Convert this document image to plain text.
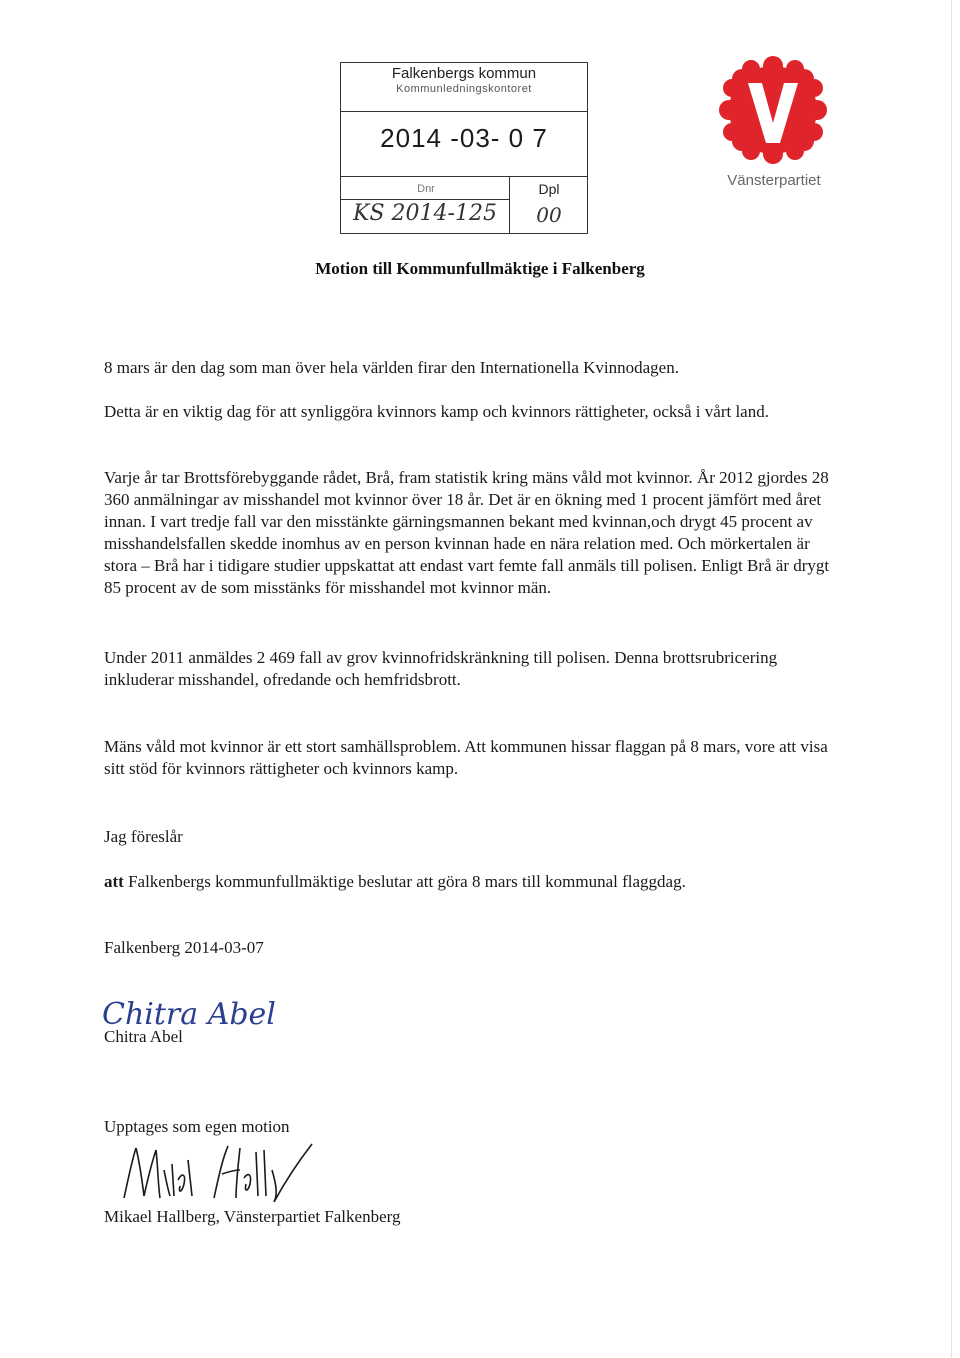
Falkenbergs kommun
Kommunledningskontoret
2014 -03- 0 7
Dnr	Dpl
KS 2014-125	00
Vänsterpartiet
Motion till Kommunfullmäktige i Falkenberg

8 mars är den dag som man över hela världen firar den Internationella Kvinnodagen.

Detta är en viktig dag för att synliggöra kvinnors kamp och kvinnors rättigheter, också i vårt land.

Varje år tar Brottsförebyggande rådet, Brå, fram statistik kring mäns våld mot kvinnor. År 2012 gjordes 28 360 anmälningar av misshandel mot kvinnor över 18 år. Det är en ökning med 1 procent jämfört med året innan. I vart tredje fall var den misstänkte gärningsmannen bekant med kvinnan,och drygt 45 procent av misshandelsfallen skedde inomhus av en person kvinnan hade en nära relation med. Och mörkertalen är stora – Brå har i tidigare studier uppskattat att endast vart femte fall anmäls till polisen. Enligt Brå är drygt 85 procent av de som misstänks för misshandel mot kvinnor män.

Under 2011 anmäldes 2 469 fall av grov kvinnofridskränkning till polisen. Denna brottsrubricering inkluderar misshandel, ofredande och hemfridsbrott.

Mäns våld mot kvinnor är ett stort samhällsproblem. Att kommunen hissar flaggan på 8 mars, vore att visa sitt stöd för kvinnors rättigheter och kvinnors kamp.

Jag föreslår

att Falkenbergs kommunfullmäktige beslutar att göra 8 mars till kommunal flaggdag.

Falkenberg 2014-03-07

Chitra Abel
Chitra Abel
Upptages som egen motion
Mikael Hallberg, Vänsterpartiet Falkenberg
